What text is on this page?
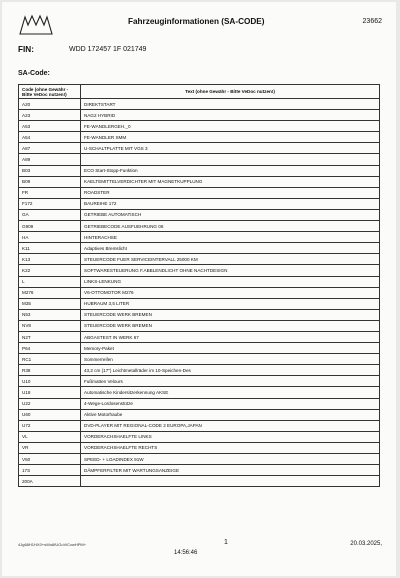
Fahrzeuginformationen (SA-CODE)	23662
FIN:	WDD 172457 1F 021749
SA-Code:
Code (ohne Gewähr -Bitte VeDoc nutzen!)	Text (ohne Gewähr - Bitte VeDoc nutzen!)
A20	DIREKTSTART
A23	NAG2 HYBRID
A53	FE-WANDLERGEH._0
A54	FE-WANDLER SMM
A87	U-SCHALTPLATTE MIT VGS 3
A89	
B03	ECO Start-Stopp-Funktion
B09	KAELTEMITTELVERDICHTER MIT MAGNETKUPPLUNG
FR	ROADSTER
F172	BAUREIHE 172
GA	GETRIEBE AUTOMATISCH
G909	GETRIEBECODE AUSFUEHRUNG 06
HA	HINTERACHSE
K11	Adaptives Bremslicht
K13	STEUERCODE FUER SERVICEINTERVALL 25000 KM
K22	SOFTWARESTEUERUNG F.ABBLENDLICHT OHNE NACHTDESIGN
L	LINKS-LENKUNG
M276	V6-OTTOMOTOR M276
M35	HUBRAUM 3,5 LITER
N53	STEUERCODE WERK BREMEN
NV8	STEUERCODE WERK BREMEN
N2T	ABGASTEST IN WERK 67
P64	Memory-Paket
RC1	Sommerreifen
R38	43,2 cm (17") Leichtmetallräder im 10-Speichen-Des
U10	Fußmatten Velours
U18	Automatische Kindersitzerkennung AKSE
U22	4-Wege-Lordosenstütze
U60	Aktive Motorhaube
U72	DVD-PLAYER MIT REGIONAL-CODE 2 EUROPA,JAPAN
VL	VORDERACHSHAELFTE LINKS
VR	VORDERACHSHAELFTE RECHTS
V50	SPEED- + LOADINDEX 91W
17S	DÄMPFERFILTER MIT WARTUNGSANZEIGE
200A	
4Jg68H1HX0+sWo6fUGoViCxwHPM+	1	20.03.2025,
14:56:46
